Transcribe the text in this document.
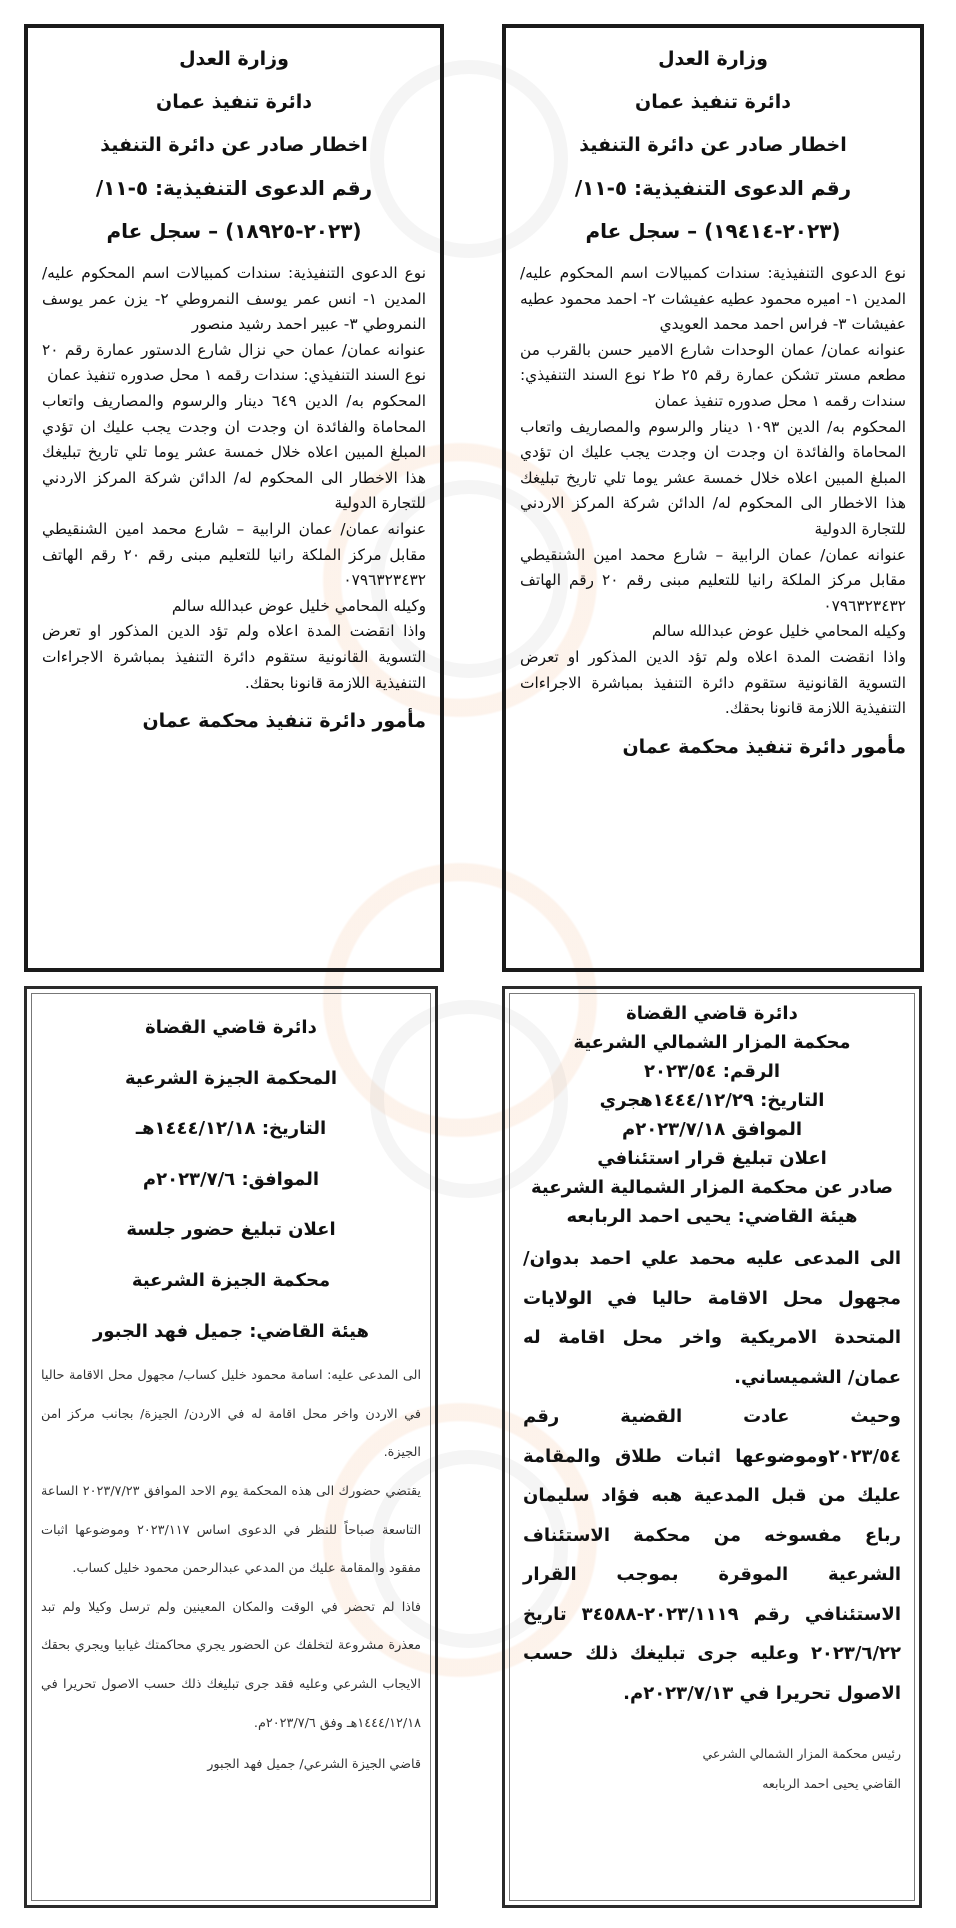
وزارة العدل

دائرة تنفيذ عمان

اخطار صادر عن دائرة التنفيذ

رقم الدعوى التنفيذية: ٥-١١/

(٢٠٢٣-١٩٤١٤) – سجل عام

نوع الدعوى التنفيذية: سندات كمبيالات اسم المحكوم عليه/ المدين ١- اميره محمود عطيه عفيشات ٢- احمد محمود عطيه عفيشات ٣- فراس احمد محمد العويدي

عنوانه عمان/ عمان الوحدات شارع الامير حسن بالقرب من مطعم مستر تشكن عمارة رقم ٢٥ ط٢ نوع السند التنفيذي: سندات رقمه ١ محل صدوره تنفيذ عمان

المحكوم به/ الدين ١٠٩٣ دينار والرسوم والمصاريف واتعاب المحاماة والفائدة ان وجدت ان وجدت يجب عليك ان تؤدي المبلغ المبين اعلاه خلال خمسة عشر يوما تلي تاريخ تبليغك هذا الاخطار الى المحكوم له/ الدائن شركة المركز الاردني للتجارة الدولية

عنوانه عمان/ عمان الرابية – شارع محمد امين الشنقيطي مقابل مركز الملكة رانيا للتعليم مبنى رقم ٢٠ رقم الهاتف ٠٧٩٦٣٢٣٤٣٢

وكيله المحامي خليل عوض عبدالله سالم

واذا انقضت المدة اعلاه ولم تؤد الدين المذكور او تعرض التسوية القانونية ستقوم دائرة التنفيذ بمباشرة الاجراءات التنفيذية اللازمة قانونا بحقك.

مأمور دائرة تنفيذ محكمة عمان

وزارة العدل

دائرة تنفيذ عمان

اخطار صادر عن دائرة التنفيذ

رقم الدعوى التنفيذية: ٥-١١/

(٢٠٢٣-١٨٩٢٥) – سجل عام

نوع الدعوى التنفيذية: سندات كمبيالات اسم المحكوم عليه/ المدين ١- انس عمر يوسف النمروطي ٢- يزن عمر يوسف النمروطي ٣- عبير احمد رشيد منصور

عنوانه عمان/ عمان حي نزال شارع الدستور عمارة رقم ٢٠ نوع السند التنفيذي: سندات رقمه ١ محل صدوره تنفيذ عمان

المحكوم به/ الدين ٦٤٩ دينار والرسوم والمصاريف واتعاب المحاماة والفائدة ان وجدت ان وجدت يجب عليك ان تؤدي المبلغ المبين اعلاه خلال خمسة عشر يوما تلي تاريخ تبليغك هذا الاخطار الى المحكوم له/ الدائن شركة المركز الاردني للتجارة الدولية

عنوانه عمان/ عمان الرابية – شارع محمد امين الشنقيطي مقابل مركز الملكة رانيا للتعليم مبنى رقم ٢٠ رقم الهاتف ٠٧٩٦٣٢٣٤٣٢

وكيله المحامي خليل عوض عبدالله سالم

واذا انقضت المدة اعلاه ولم تؤد الدين المذكور او تعرض التسوية القانونية ستقوم دائرة التنفيذ بمباشرة الاجراءات التنفيذية اللازمة قانونا بحقك.

مأمور دائرة تنفيذ محكمة عمان

دائرة قاضي القضاة

المحكمة الجيزة الشرعية

التاريخ: ١٤٤٤/١٢/١٨هـ

الموافق: ٢٠٢٣/٧/٦م

اعلان تبليغ حضور جلسة

محكمة الجيزة الشرعية

هيئة القاضي: جميل فهد الجبور

الى المدعى عليه: اسامة محمود خليل كساب/ مجهول محل الاقامة حاليا في الاردن واخر محل اقامة له في الاردن/ الجيزة/ بجانب مركز امن الجيزة.

يقتضي حضورك الى هذه المحكمة يوم الاحد الموافق ٢٠٢٣/٧/٢٣ الساعة التاسعة صباحاً للنظر في الدعوى اساس ٢٠٢٣/١١٧ وموضوعها اثبات مفقود والمقامة عليك من المدعي عبدالرحمن محمود خليل كساب.

فاذا لم تحضر في الوقت والمكان المعينين ولم ترسل وكيلا ولم تبد معذرة مشروعة لتخلفك عن الحضور يجري محاكمتك غيابيا ويجري بحقك الايجاب الشرعي وعليه فقد جرى تبليغك ذلك حسب الاصول تحريرا في ١٤٤٤/١٢/١٨هـ وفق ٢٠٢٣/٧/٦م.

قاضي الجيزة الشرعي/ جميل فهد الجبور

دائرة قاضي القضاة

محكمة المزار الشمالي الشرعية

الرقم: ٢٠٢٣/٥٤

التاريخ: ١٤٤٤/١٢/٢٩هجري

الموافق ٢٠٢٣/٧/١٨م

اعلان تبليغ قرار استئنافي

صادر عن محكمة المزار الشمالية الشرعية

هيئة القاضي: يحيى احمد الربابعه

الى المدعى عليه محمد علي احمد بدوان/ مجهول محل الاقامة حاليا في الولايات المتحدة الامريكية واخر محل اقامة له عمان/ الشميساني.

وحيث عادت القضية رقم ٢٠٢٣/٥٤وموضوعها اثبات طلاق والمقامة عليك من قبل المدعية هبه فؤاد سليمان رباع مفسوخه من محكمة الاستئناف الشرعية الموقرة بموجب القرار الاستئنافي رقم ٢٠٢٣/١١١٩-٣٤٥٨٨ تاريخ ٢٠٢٣/٦/٢٢ وعليه جرى تبليغك ذلك حسب الاصول تحريرا في ٢٠٢٣/٧/١٣م.

رئيس محكمة المزار الشمالي الشرعي
القاضي يحيى احمد الربابعه
